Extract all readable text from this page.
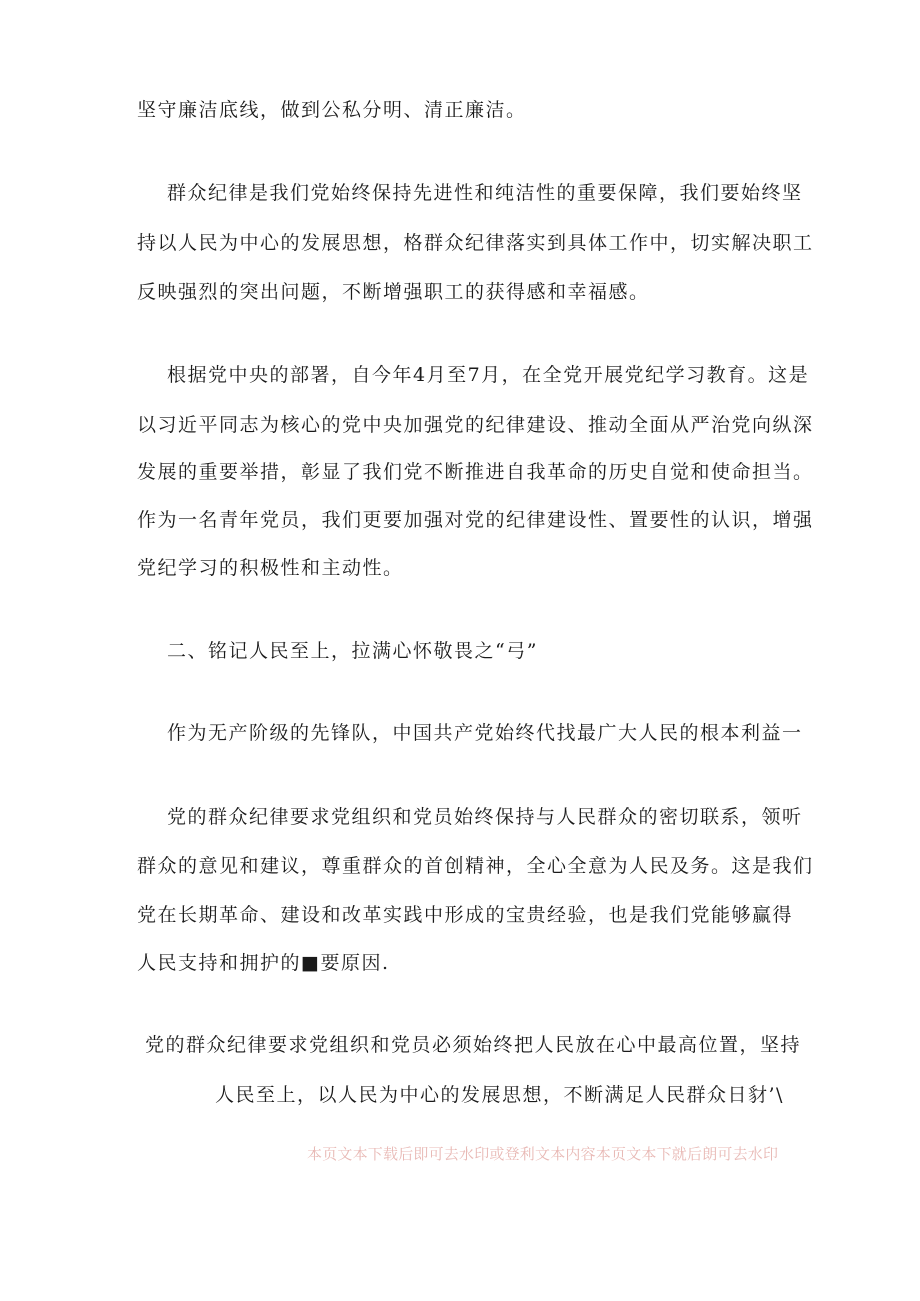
坚守廉洁底线，做到公私分明、清正廉洁。
群众纪律是我们党始终保持先进性和纯洁性的重要保障，我们要始终坚
持以人民为中心的发展思想，格群众纪律落实到具体工作中，切实解决职工
反映强烈的突出问题，不断增强职工的获得感和幸福感。
根据党中央的部署，自今年4月至7月，在全党开展党纪学习教育。这是
以习近平同志为核心的党中央加强党的纪律建设、推动全面从严治党向纵深
发展的重要举措，彰显了我们党不断推进自我革命的历史自觉和使命担当。
作为一名青年党员，我们更要加强对党的纪律建设性、置要性的认识，增强
党纪学习的积极性和主动性。
二、铭记人民至上，拉满心怀敬畏之“弓”
作为无产阶级的先锋队，中国共产党始终代找最广大人民的根本利益一
党的群众纪律要求党组织和党员始终保持与人民群众的密切联系，领听
群众的意见和建议，尊重群众的首创精神，全心全意为人民及务。这是我们
党在长期革命、建设和改革实践中形成的宝贵经验，也是我们党能够赢得
人民支持和拥护的■要原因.
党的群众纪律要求党组织和党员必须始终把人民放在心中最高位置，坚持
人民至上，以人民为中心的发展思想，不断满足人民群众日豺’\
本页文本下载后即可去水印或登利文本内容本页文本下就后朗可去水印
